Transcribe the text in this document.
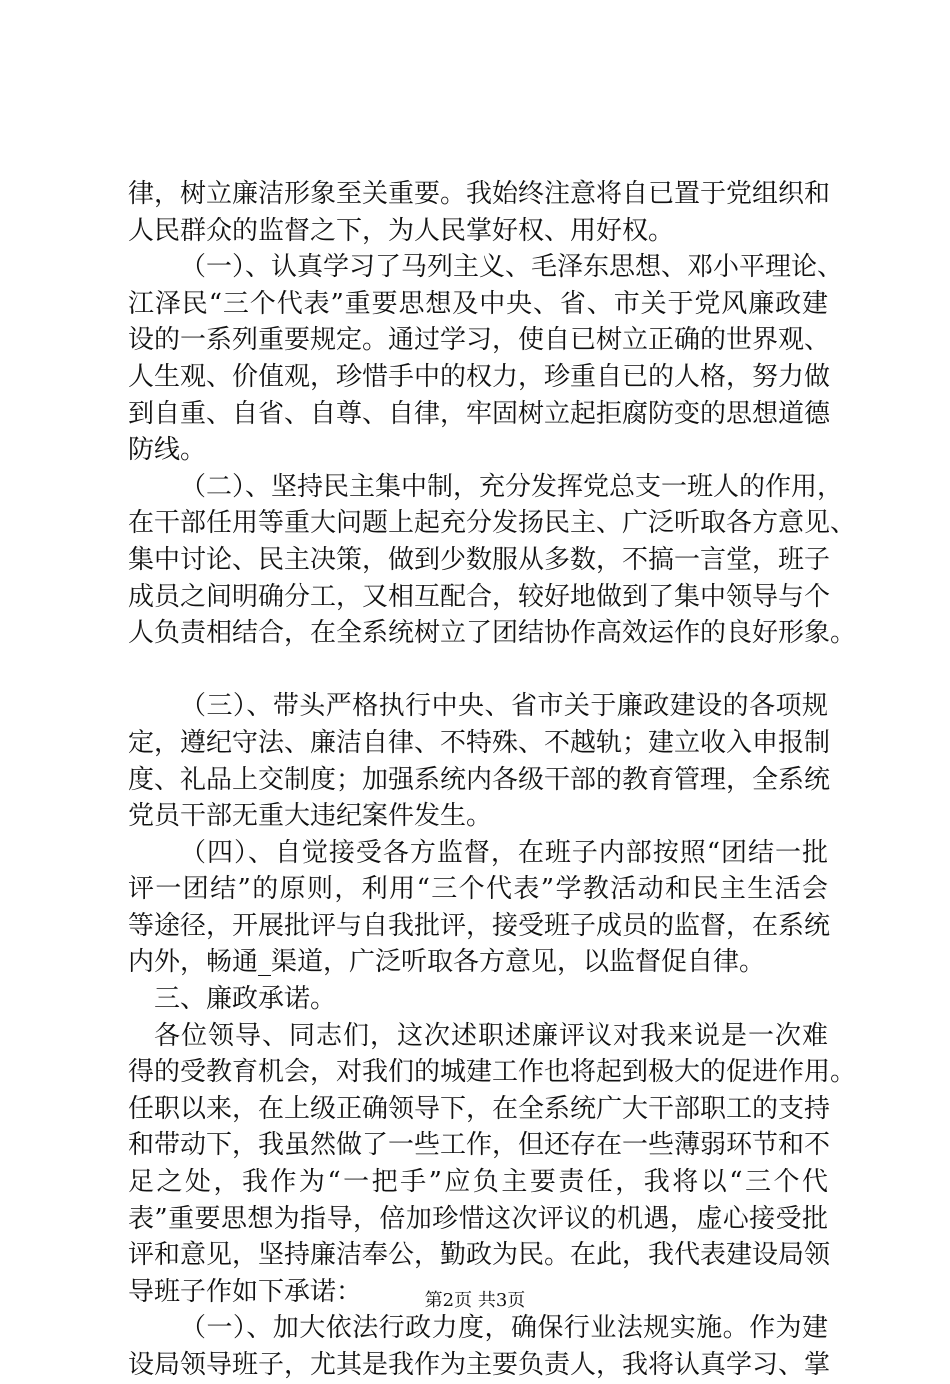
律，树立廉洁形象至关重要。我始终注意将自已置于党组织和
人民群众的监督之下，为人民掌好权、用好权。
（一）、认真学习了马列主义、毛泽东思想、邓小平理论、
江泽民“三个代表”重要思想及中央、省、市关于党风廉政建
设的一系列重要规定。通过学习，使自已树立正确的世界观、
人生观、价值观，珍惜手中的权力，珍重自已的人格，努力做
到自重、自省、自尊、自律，牢固树立起拒腐防变的思想道德
防线。
（二）、坚持民主集中制，充分发挥党总支一班人的作用，
在干部任用等重大问题上起充分发扬民主、广泛听取各方意见、
集中讨论、民主决策，做到少数服从多数，不搞一言堂，班子
成员之间明确分工，又相互配合，较好地做到了集中领导与个
人负责相结合，在全系统树立了团结协作高效运作的良好形象。
（三）、带头严格执行中央、省市关于廉政建设的各项规
定，遵纪守法、廉洁自律、不特殊、不越轨；建立收入申报制
度、礼品上交制度；加强系统内各级干部的教育管理，全系统
党员干部无重大违纪案件发生。
（四）、自觉接受各方监督，在班子内部按照“团结一批
评一团结”的原则，利用“三个代表”学教活动和民主生活会
等途径，开展批评与自我批评，接受班子成员的监督，在系统
内外，畅通_渠道，广泛听取各方意见，以监督促自律。
三、廉政承诺。
各位领导、同志们，这次述职述廉评议对我来说是一次难
得的受教育机会，对我们的城建工作也将起到极大的促进作用。
任职以来，在上级正确领导下，在全系统广大干部职工的支持
和带动下，我虽然做了一些工作，但还存在一些薄弱环节和不
足之处，我作为“一把手”应负主要责任，我将以“三个代
表”重要思想为指导，倍加珍惜这次评议的机遇，虚心接受批
评和意见，坚持廉洁奉公，勤政为民。在此，我代表建设局领
导班子作如下承诺：
（一）、加大依法行政力度，确保行业法规实施。作为建
设局领导班子，尤其是我作为主要负责人，我将认真学习、掌
第2页 共3页
